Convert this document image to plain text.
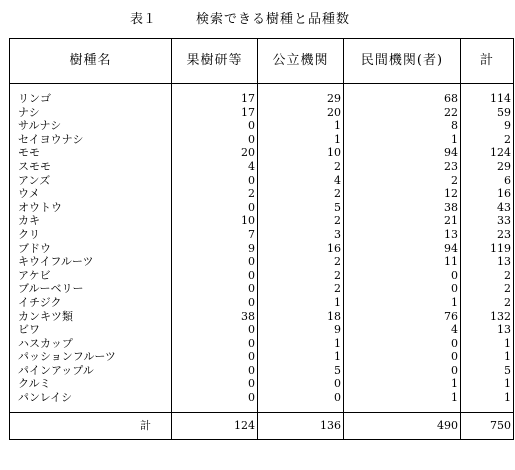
表１	検索できる樹種と品種数
樹種名	果樹研等	公立機関	民間機関(者)	計

リンゴ	17	29	68	114
ナシ	17	20	22	59
サルナシ	0	1	8	9
セイヨウナシ	0	1	1	2
モモ	20	10	94	124
スモモ	4	2	23	29
アンズ	0	4	2	6
ウメ	2	2	12	16
オウトウ	0	5	38	43
カキ	10	2	21	33
クリ	7	3	13	23
ブドウ	9	16	94	119
キウイフルーツ	0	2	11	13
アケビ	0	2	0	2
ブルーベリー	0	2	0	2
イチジク	0	1	1	2
カンキツ類	38	18	76	132
ビワ	0	9	4	13
ハスカップ	0	1	0	1
パッションフルーツ	0	1	0	1
パインアップル	0	5	0	5
クルミ	0	0	1	1
パンレイシ	0	0	1	1

計	124	136	490	750
